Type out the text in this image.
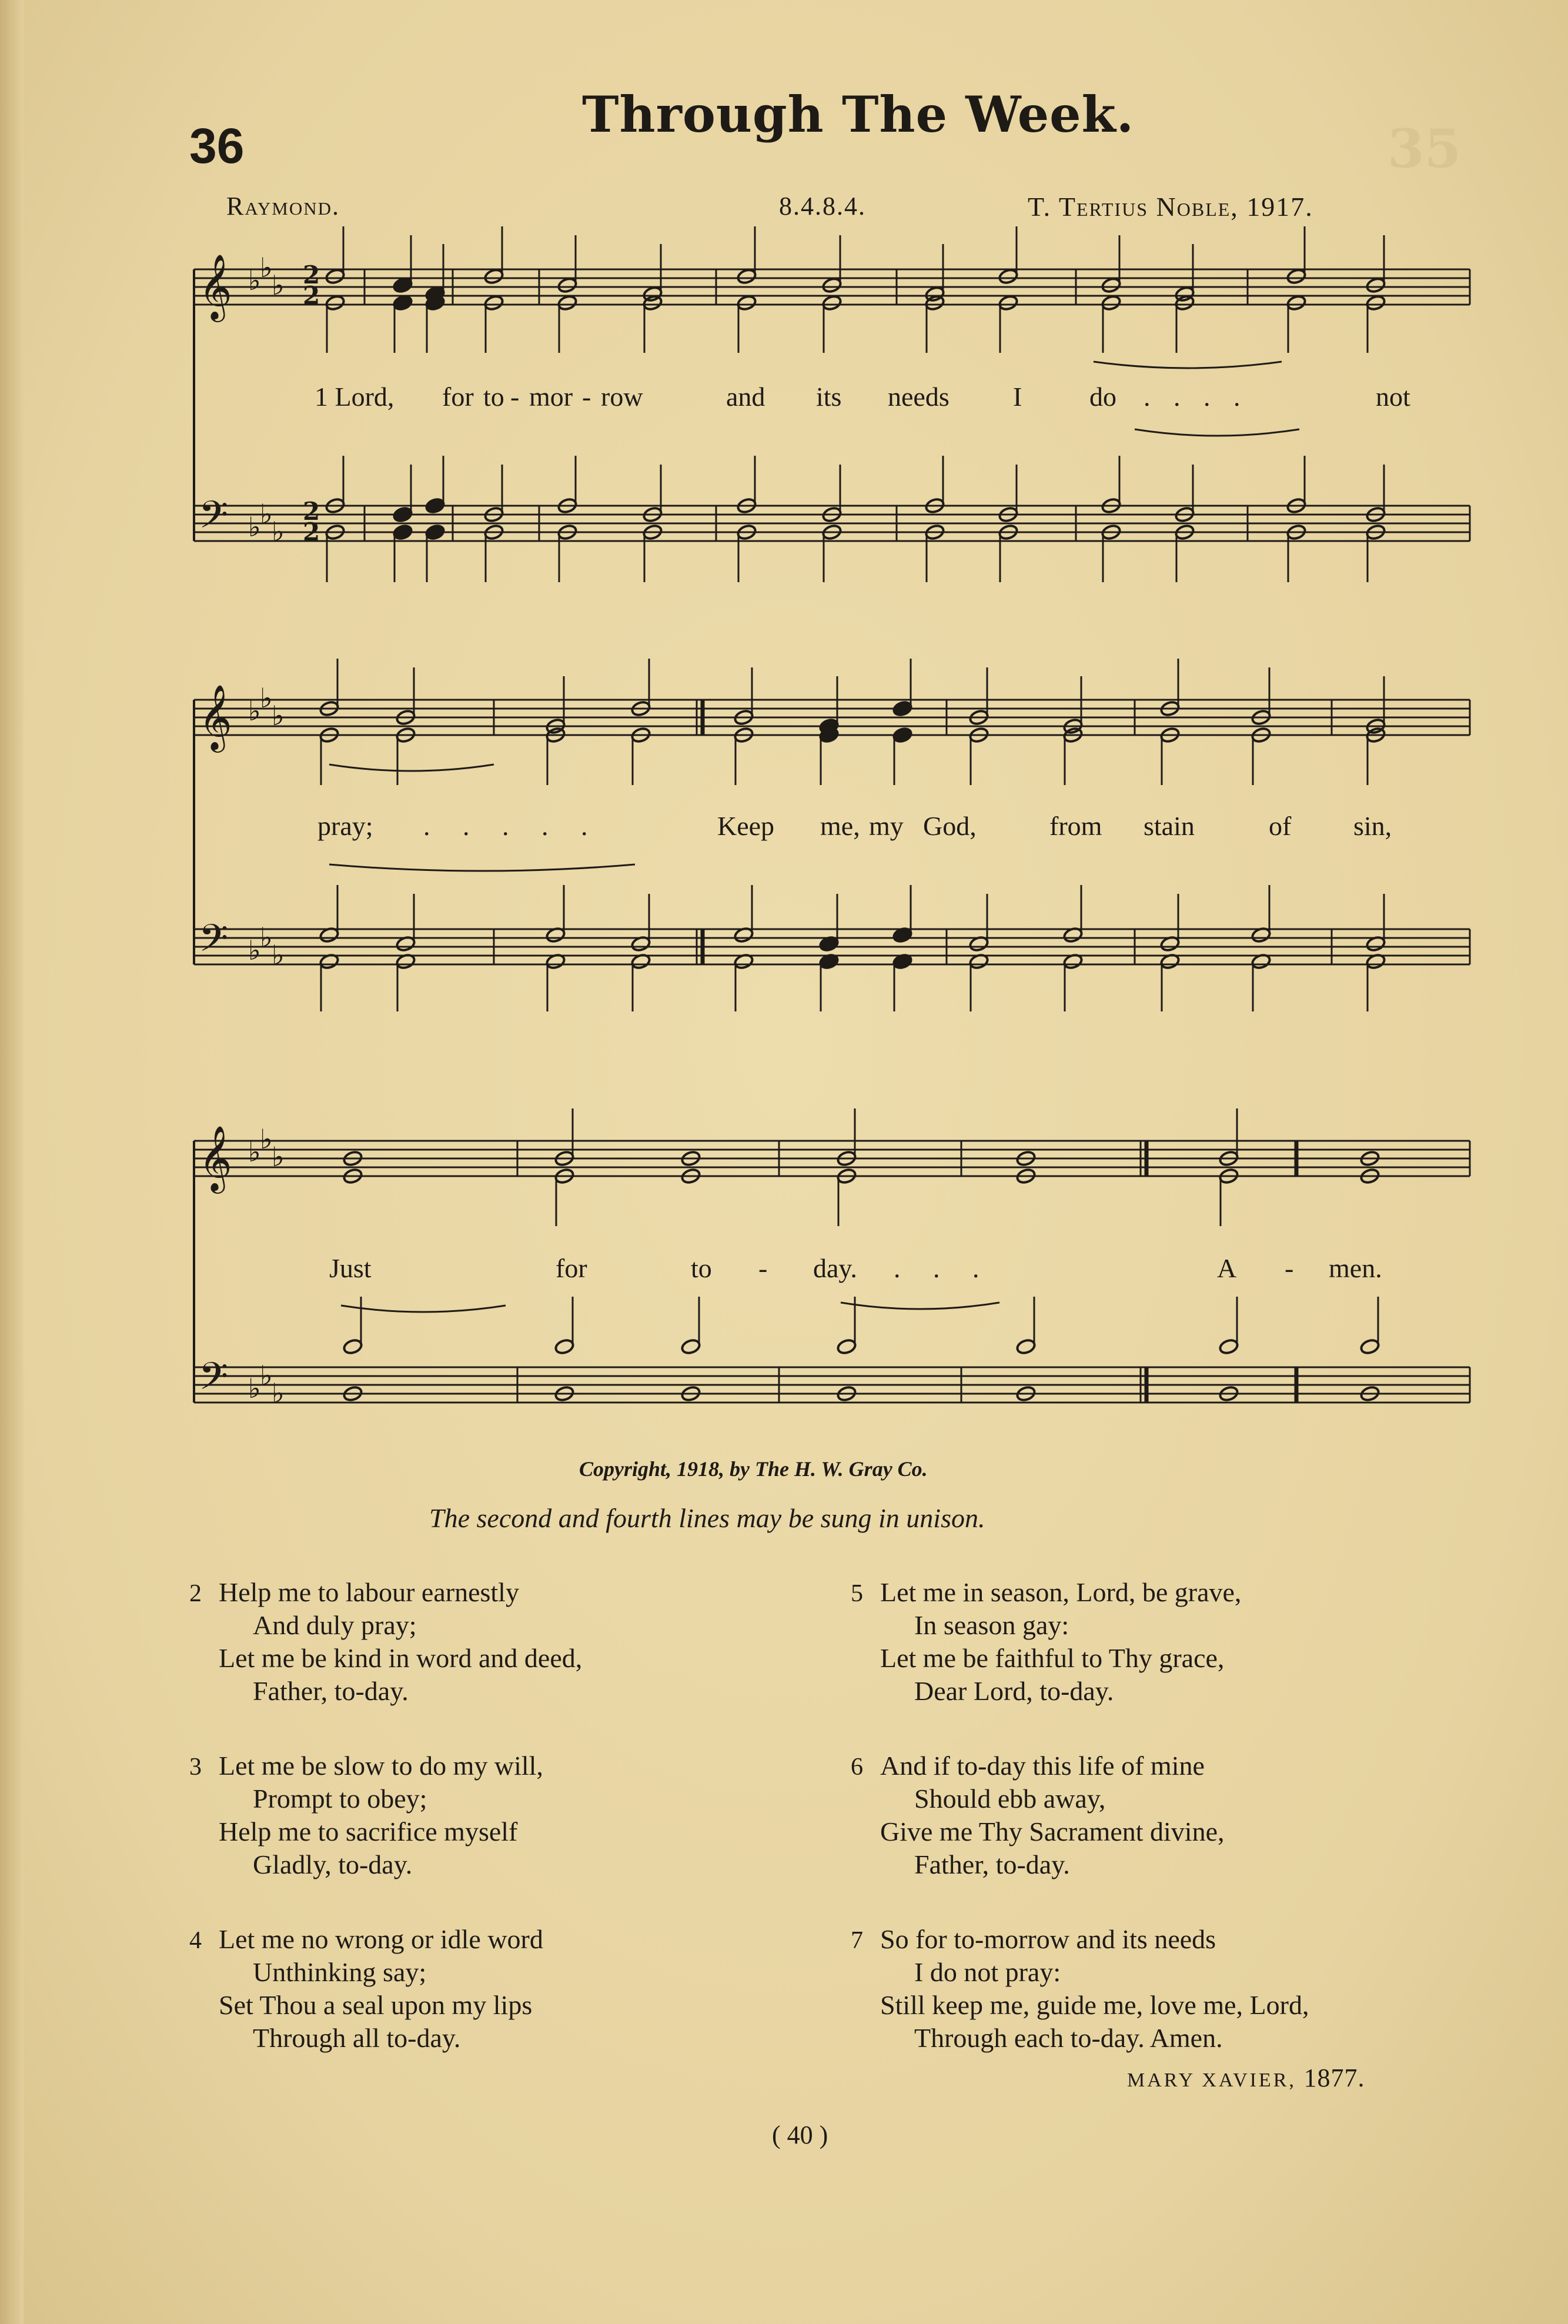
35
36
Through The Week.
Raymond.	8.4.8.4.	T. Tertius Noble, 1917.
𝄞
𝄢
♭
♭
♭
♭
♭
♭
𝄞
𝄢
♭
♭
♭
♭
♭
♭
𝄞
𝄢
♭
♭
♭
♭
♭
♭
2
2
2
2
1 Lord, for to - mor - row	and its needs I do . . . .	not
pray; . . . . .	Keep me, my God,	from stain	of sin,
Just	for	to - day. . . .	A - men.
Copyright, 1918, by The H. W. Gray Co.
The second and fourth lines may be sung in unison.
2 Help me to labour earnestly
And duly pray;
Let me be kind in word and deed,
Father, to-day.
3 Let me be slow to do my will,
Prompt to obey;
Help me to sacrifice myself
Gladly, to-day.
4 Let me no wrong or idle word
Unthinking say;
Set Thou a seal upon my lips
Through all to-day.
5 Let me in season, Lord, be grave,
In season gay:
Let me be faithful to Thy grace,
Dear Lord, to-day.
6 And if to-day this life of mine
Should ebb away,
Give me Thy Sacrament divine,
Father, to-day.
7 So for to-morrow and its needs
I do not pray:
Still keep me, guide me, love me, Lord,
Through each to-day. Amen.
MARY XAVIER, 1877.
( 40 )
